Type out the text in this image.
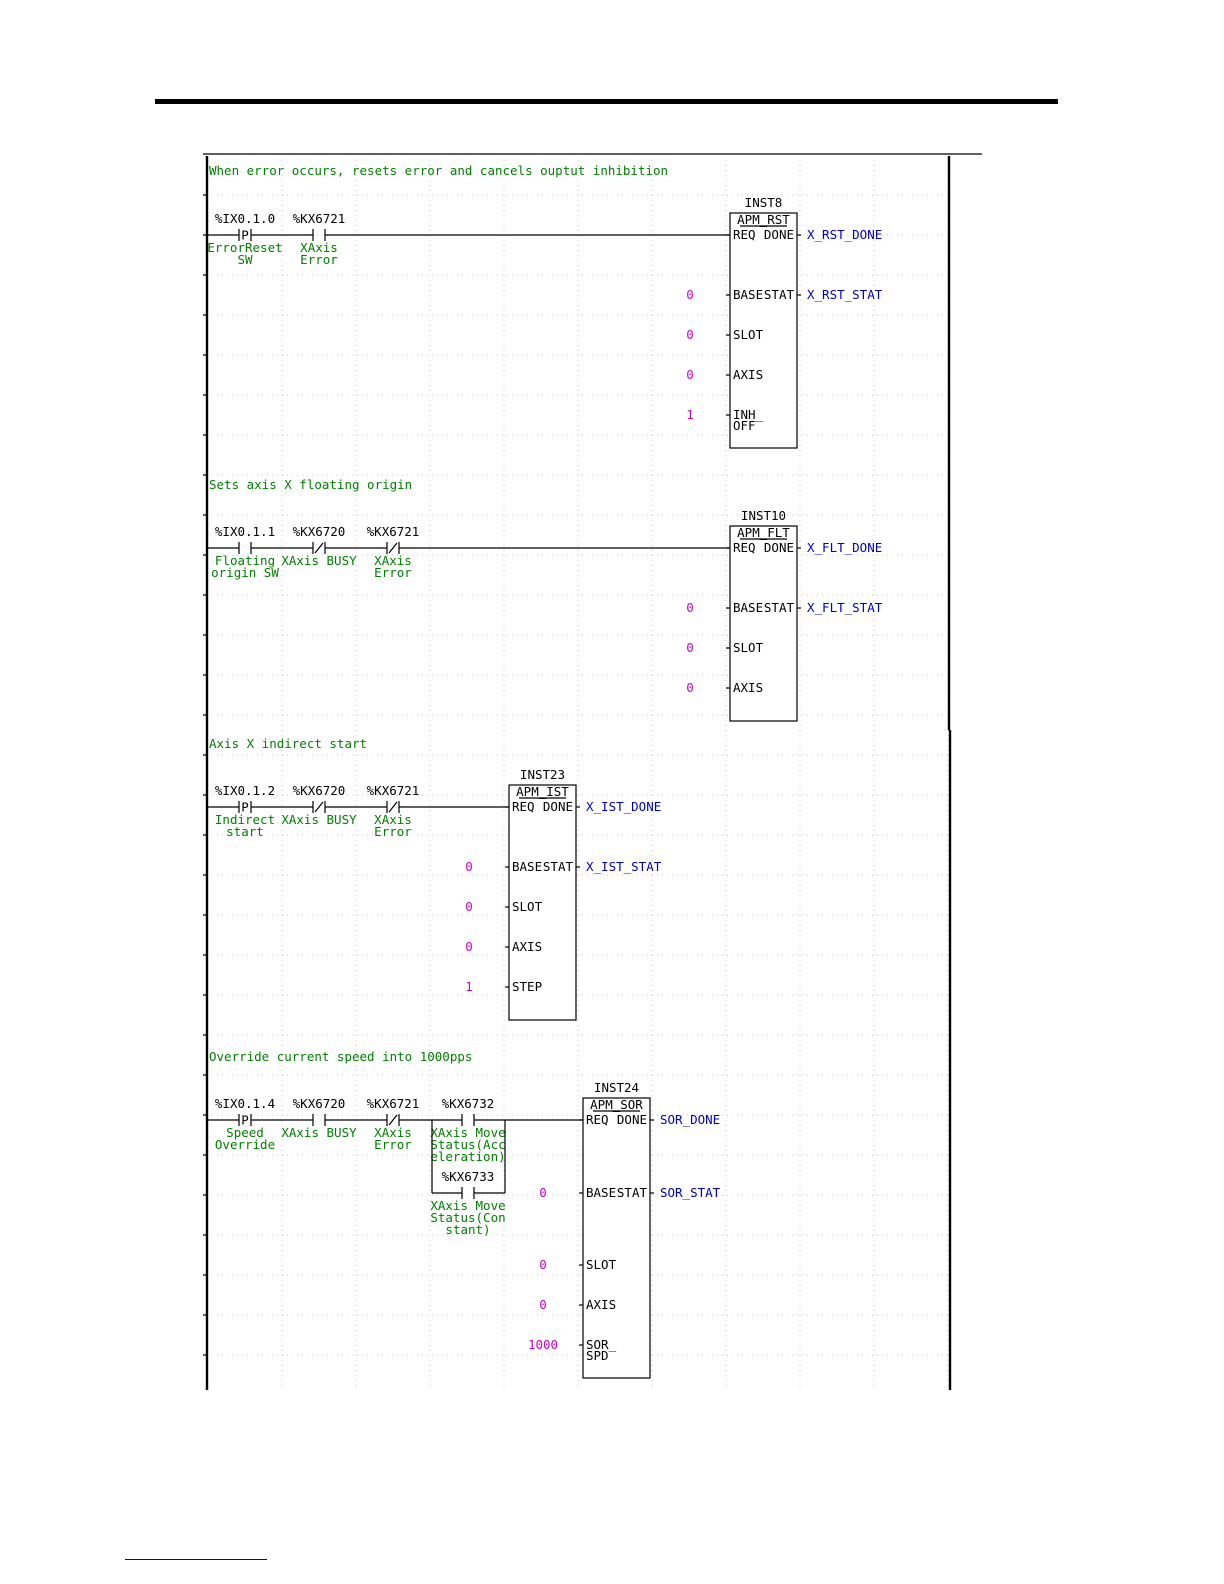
When error occurs, resets error and cancels ouptut inhibition
%IX0.1.0
ErrorReset
SW
%KX6721
XAxis
Error
INST8
APM_RST
REQ DONE X_RST_DONE
BASE STAT
0	X_RST_STAT
SLOT
0
AXIS
0
INH_
OFF
1
P
Sets axis X floating origin
%IX0.1.1
Floating
origin SW
%KX6720
XAxis BUSY
%KX6721
XAxis
Error
INST10
APM_FLT
REQ DONE X_FLT_DONE
BASE STAT
0	X_FLT_STAT
SLOT
0
AXIS
0
Axis X indirect start
%IX0.1.2
Indirect
start
%KX6720
XAxis BUSY
%KX6721
XAxis
Error
INST23
APM_IST
REQ DONE X_IST_DONE
BASE STAT
0	X_IST_STAT
SLOT
0
AXIS
0
STEP
1
P
Override current speed into 1000pps
%IX0.1.4
Speed
Override
%KX6720
XAxis BUSY
%KX6721
XAxis
Error
%KX6732
XAxis Move
Status(Acc
eleration)
%KX6733
XAxis Move
Status(Con
stant)
INST24
APM_SOR
REQ DONE SOR_DONE
BASE STAT
0	SOR_STAT
SLOT
0
AXIS
0
SOR_
SPD
1000
P
